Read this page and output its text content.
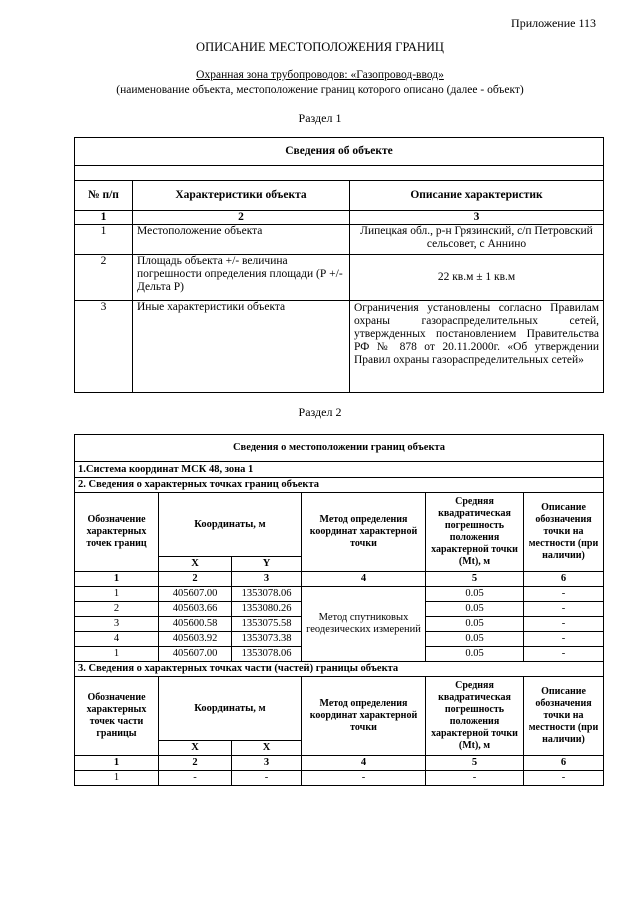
Приложение 113
ОПИСАНИЕ МЕСТОПОЛОЖЕНИЯ ГРАНИЦ
Охранная зона трубопроводов: «Газопровод-ввод»
(наименование объекта, местоположение границ которого описано (далее - объект)
Раздел 1
Сведения об объекте		

№ п/п	Характеристики объекта	Описание характеристик
1	2	3
1	Местоположение объекта	Липецкая обл., р-н Грязинский, с/п Петровский сельсовет, с Аннино
2	Площадь объекта +/- величина погрешности определения площади (Р +/- Дельта Р)	22 кв.м ± 1 кв.м
3	Иные характеристики объекта	Ограничения установлены согласно Правилам охраны газораспределительных сетей, утвержденных постановлением Правительства РФ № 878 от 20.11.2000г. «Об утверждении Правил охраны газораспределительных сетей»
Раздел 2
Сведения о местоположении границ объекта					
1.Система координат МСК 48, зона 1					
2. Сведения о характерных точках границ объекта					
Обозначение характерных точек границ	Координаты, м		Метод определения координат характерной точки	Средняя квадратическая погрешность положения характерной точки (Mt), м	Описание обозначения точки на местности (при наличии)
	X	Y			
1	2	3	4	5	6
1	405607.00	1353078.06	Метод спутниковых геодезических измерений	0.05	-
2	405603.66	1353080.26		0.05	-
3	405600.58	1353075.58		0.05	-
4	405603.92	1353073.38		0.05	-
1	405607.00	1353078.06		0.05	-
3. Сведения о характерных точках части (частей) границы объекта					
Обозначение характерных точек части границы	Координаты, м		Метод определения координат характерной точки	Средняя квадратическая погрешность положения характерной точки (Mt), м	Описание обозначения точки на местности (при наличии)
	X	X			
1	2	3	4	5	6
1	-	-	-	-	-
